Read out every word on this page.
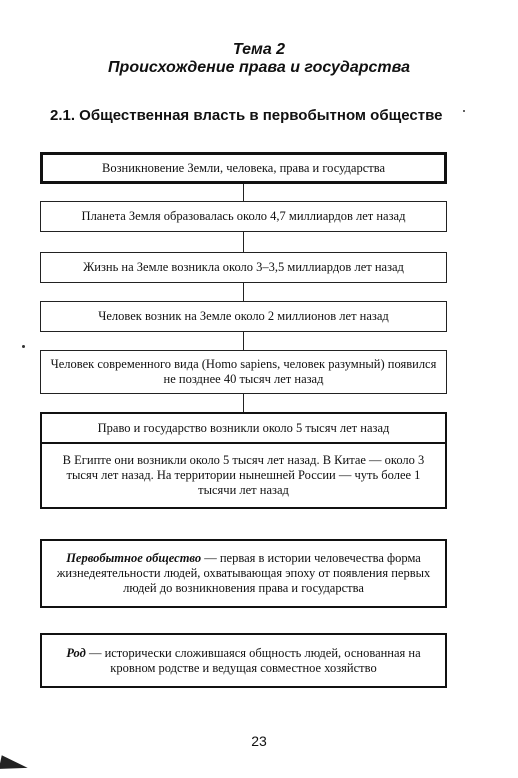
Тема 2
Происхождение права и государства
2.1. Общественная власть в первобытном обществе
Возникновение Земли, человека, права и государства
Планета Земля образовалась около 4,7 миллиардов лет назад
Жизнь на Земле возникла около 3–3,5 миллиардов лет назад
Человек возник на Земле около 2 миллионов лет назад
Человек современного вида (Homo sapiens, человек разумный) появился не позднее 40 тысяч лет назад
Право и государство возникли около 5 тысяч лет назад
В Египте они возникли около 5 тысяч лет назад. В Китае — около 3 тысяч лет назад. На территории нынешней России — чуть более 1 тысячи лет назад
Первобытное общество — первая в истории человечества форма жизнедеятельности людей, охватывающая эпоху от появления первых людей до возникновения права и государства
Род — исторически сложившаяся общность людей, основанная на кровном родстве и ведущая совместное хозяйство
23
